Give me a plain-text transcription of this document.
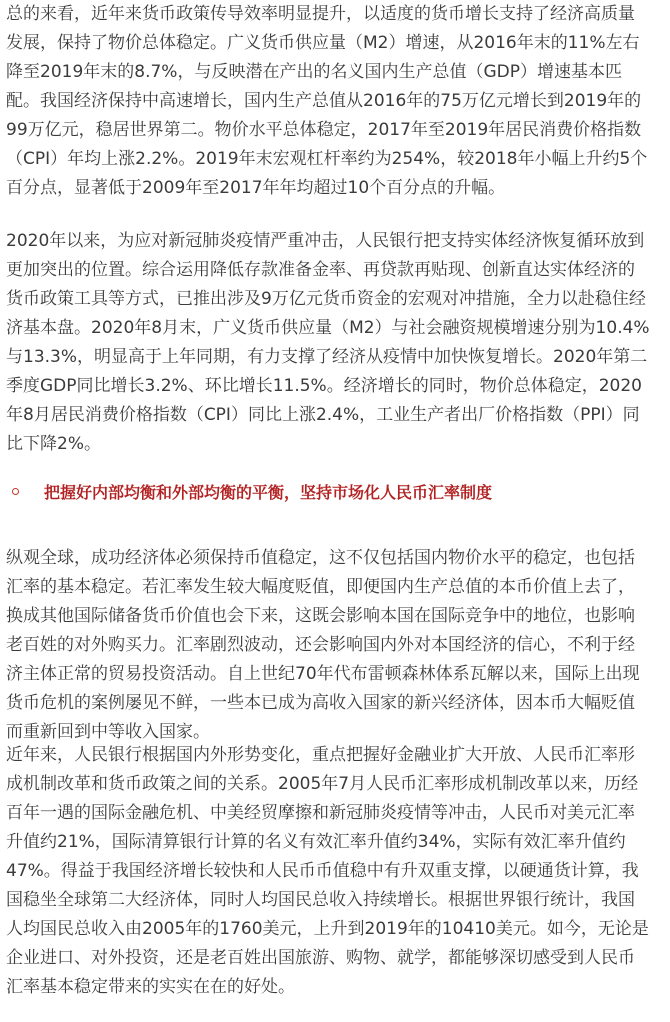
总的来看，近年来货币政策传导效率明显提升，以适度的货币增长支持了经济高质量
发展，保持了物价总体稳定。广义货币供应量（M2）增速，从2016年末的11%左右
降至2019年末的8.7%，与反映潜在产出的名义国内生产总值（GDP）增速基本匹
配。我国经济保持中高速增长，国内生产总值从2016年的75万亿元增长到2019年的
99万亿元，稳居世界第二。物价水平总体稳定，2017年至2019年居民消费价格指数
（CPI）年均上涨2.2%。2019年末宏观杠杆率约为254%，较2018年小幅上升约5个
百分点，显著低于2009年至2017年年均超过10个百分点的升幅。

2020年以来，为应对新冠肺炎疫情严重冲击，人民银行把支持实体经济恢复循环放到
更加突出的位置。综合运用降低存款准备金率、再贷款再贴现、创新直达实体经济的
货币政策工具等方式，已推出涉及9万亿元货币资金的宏观对冲措施，全力以赴稳住经
济基本盘。2020年8月末，广义货币供应量（M2）与社会融资规模增速分别为10.4%
与13.3%，明显高于上年同期，有力支撑了经济从疫情中加快恢复增长。2020年第二
季度GDP同比增长3.2%、环比增长11.5%。经济增长的同时，物价总体稳定，2020
年8月居民消费价格指数（CPI）同比上涨2.4%，工业生产者出厂价格指数（PPI）同
比下降2%。

把握好内部均衡和外部均衡的平衡，坚持市场化人民币汇率制度

纵观全球，成功经济体必须保持币值稳定，这不仅包括国内物价水平的稳定，也包括
汇率的基本稳定。若汇率发生较大幅度贬值，即便国内生产总值的本币价值上去了，
换成其他国际储备货币价值也会下来，这既会影响本国在国际竞争中的地位，也影响
老百姓的对外购买力。汇率剧烈波动，还会影响国内外对本国经济的信心，不利于经
济主体正常的贸易投资活动。自上世纪70年代布雷顿森林体系瓦解以来，国际上出现
货币危机的案例屡见不鲜，一些本已成为高收入国家的新兴经济体，因本币大幅贬值
而重新回到中等收入国家。

近年来，人民银行根据国内外形势变化，重点把握好金融业扩大开放、人民币汇率形
成机制改革和货币政策之间的关系。2005年7月人民币汇率形成机制改革以来，历经
百年一遇的国际金融危机、中美经贸摩擦和新冠肺炎疫情等冲击，人民币对美元汇率
升值约21%，国际清算银行计算的名义有效汇率升值约34%，实际有效汇率升值约
47%。得益于我国经济增长较快和人民币币值稳中有升双重支撑，以硬通货计算，我
国稳坐全球第二大经济体，同时人均国民总收入持续增长。根据世界银行统计，我国
人均国民总收入由2005年的1760美元，上升到2019年的10410美元。如今，无论是
企业进口、对外投资，还是老百姓出国旅游、购物、就学，都能够深切感受到人民币
汇率基本稳定带来的实实在在的好处。
